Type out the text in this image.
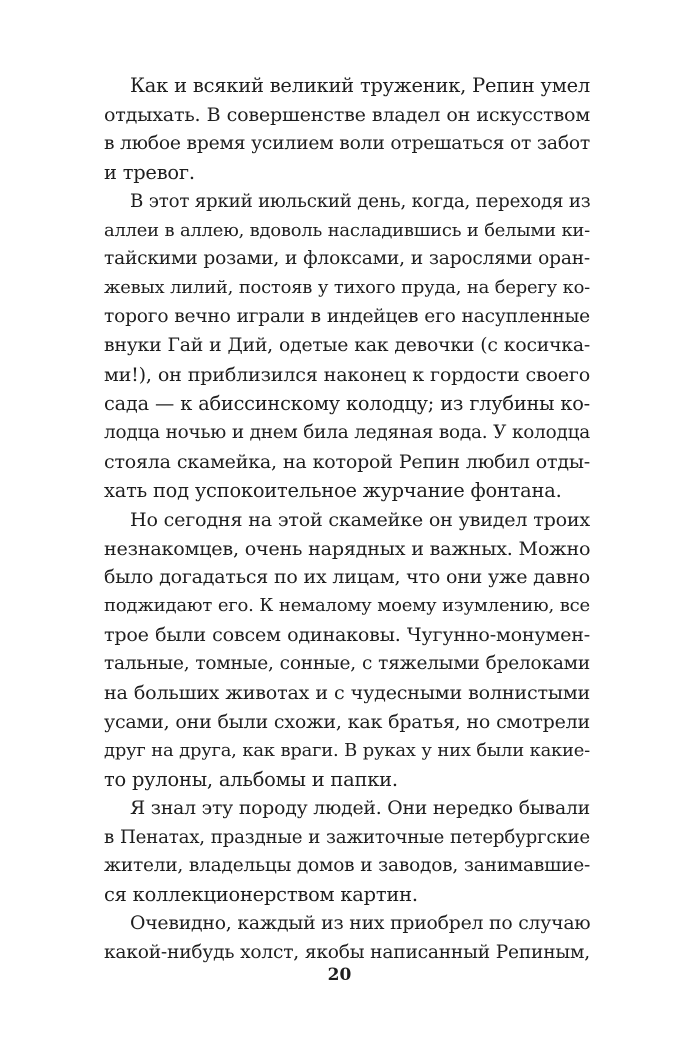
Как и всякий великий труженик, Репин умел
отдыхать. В совершенстве владел он искусством
в любое время усилием воли отрешаться от забот
и тревог.
В этот яркий июльский день, когда, переходя из
аллеи в аллею, вдоволь насладившись и белыми ки-
тайскими розами, и флоксами, и зарослями оран-
жевых лилий, постояв у тихого пруда, на берегу ко-
торого вечно играли в индейцев его насупленные
внуки Гай и Дий, одетые как девочки (с косичка-
ми!), он приблизился наконец к гордости своего
сада — к абиссинскому колодцу; из глубины ко-
лодца ночью и днем била ледяная вода. У колодца
стояла скамейка, на которой Репин любил отды-
хать под успокоительное журчание фонтана.
Но сегодня на этой скамейке он увидел троих
незнакомцев, очень нарядных и важных. Можно
было догадаться по их лицам, что они уже давно
поджидают его. К немалому моему изумлению, все
трое были совсем одинаковы. Чугунно-монумен-
тальные, томные, сонные, с тяжелыми брелоками
на больших животах и с чудесными волнистыми
усами, они были схожи, как братья, но смотрели
друг на друга, как враги. В руках у них были какие-
то рулоны, альбомы и папки.
Я знал эту породу людей. Они нередко бывали
в Пенатах, праздные и зажиточные петербургские
жители, владельцы домов и заводов, занимавшие-
ся коллекционерством картин.
Очевидно, каждый из них приобрел по случаю
какой-нибудь холст, якобы написанный Репиным,
20
